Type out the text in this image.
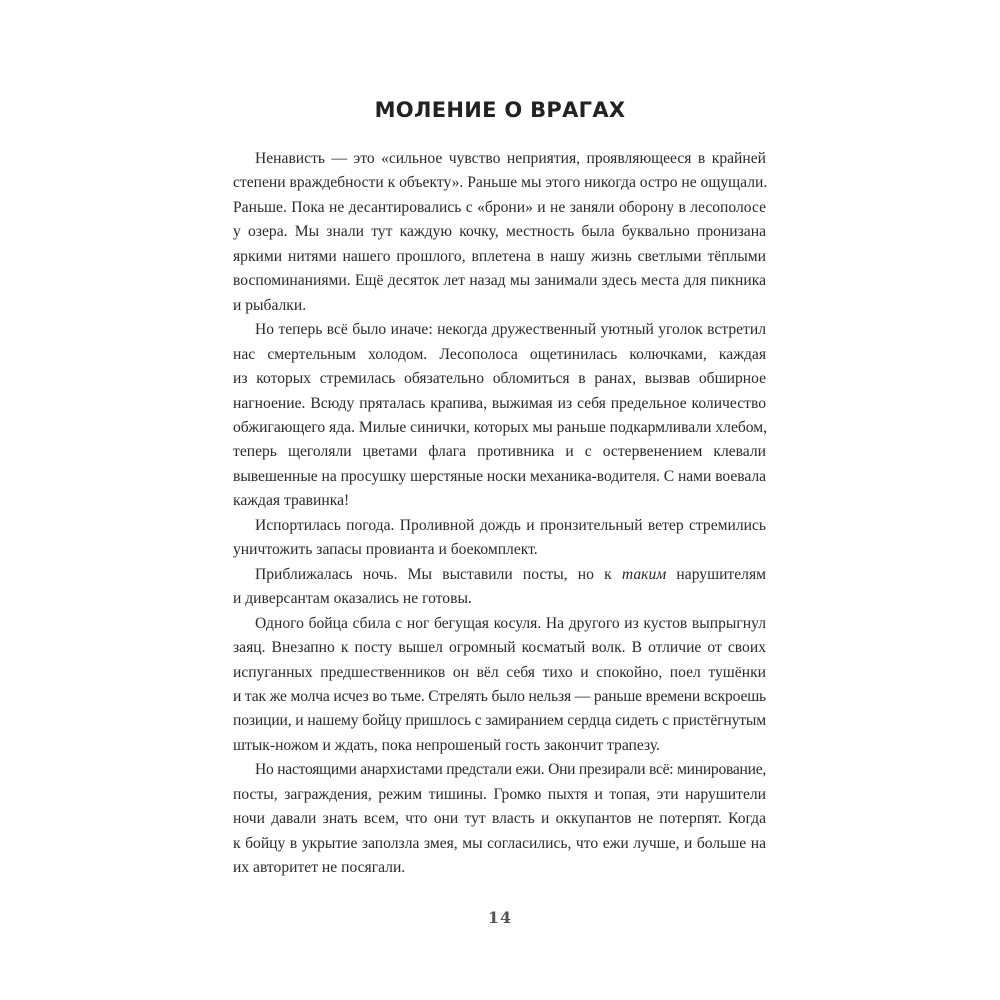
МОЛЕНИЕ О ВРАГАХ
Ненависть — это «сильное чувство неприятия, проявляющееся в крайней
степени враждебности к объекту». Раньше мы этого никогда остро не ощущали.
Раньше. Пока не десантировались с «брони» и не заняли оборону в лесополосе
у озера. Мы знали тут каждую кочку, местность была буквально пронизана
яркими нитями нашего прошлого, вплетена в нашу жизнь светлыми тёплыми
воспоминаниями. Ещё десяток лет назад мы занимали здесь места для пикника
и рыбалки.
Но теперь всё было иначе: некогда дружественный уютный уголок встретил
нас смертельным холодом. Лесополоса ощетинилась колючками, каждая
из которых стремилась обязательно обломиться в ранах, вызвав обширное
нагноение. Всюду пряталась крапива, выжимая из себя предельное количество
обжигающего яда. Милые синички, которых мы раньше подкармливали хлебом,
теперь щеголяли цветами флага противника и с остервенением клевали
вывешенные на просушку шерстяные носки механика-водителя. С нами воевала
каждая травинка!
Испортилась погода. Проливной дождь и пронзительный ветер стремились
уничтожить запасы провианта и боекомплект.
Приближалась ночь. Мы выставили посты, но к таким нарушителям
и диверсантам оказались не готовы.
Одного бойца сбила с ног бегущая косуля. На другого из кустов выпрыгнул
заяц. Внезапно к посту вышел огромный косматый волк. В отличие от своих
испуганных предшественников он вёл себя тихо и спокойно, поел тушёнки
и так же молча исчез во тьме. Стрелять было нельзя — раньше времени вскроешь
позиции, и нашему бойцу пришлось с замиранием сердца сидеть с пристёгнутым
штык-ножом и ждать, пока непрошеный гость закончит трапезу.
Но настоящими анархистами предстали ежи. Они презирали всё: минирование,
посты, заграждения, режим тишины. Громко пыхтя и топая, эти нарушители
ночи давали знать всем, что они тут власть и оккупантов не потерпят. Когда
к бойцу в укрытие заползла змея, мы согласились, что ежи лучше, и больше на
их авторитет не посягали.
14
